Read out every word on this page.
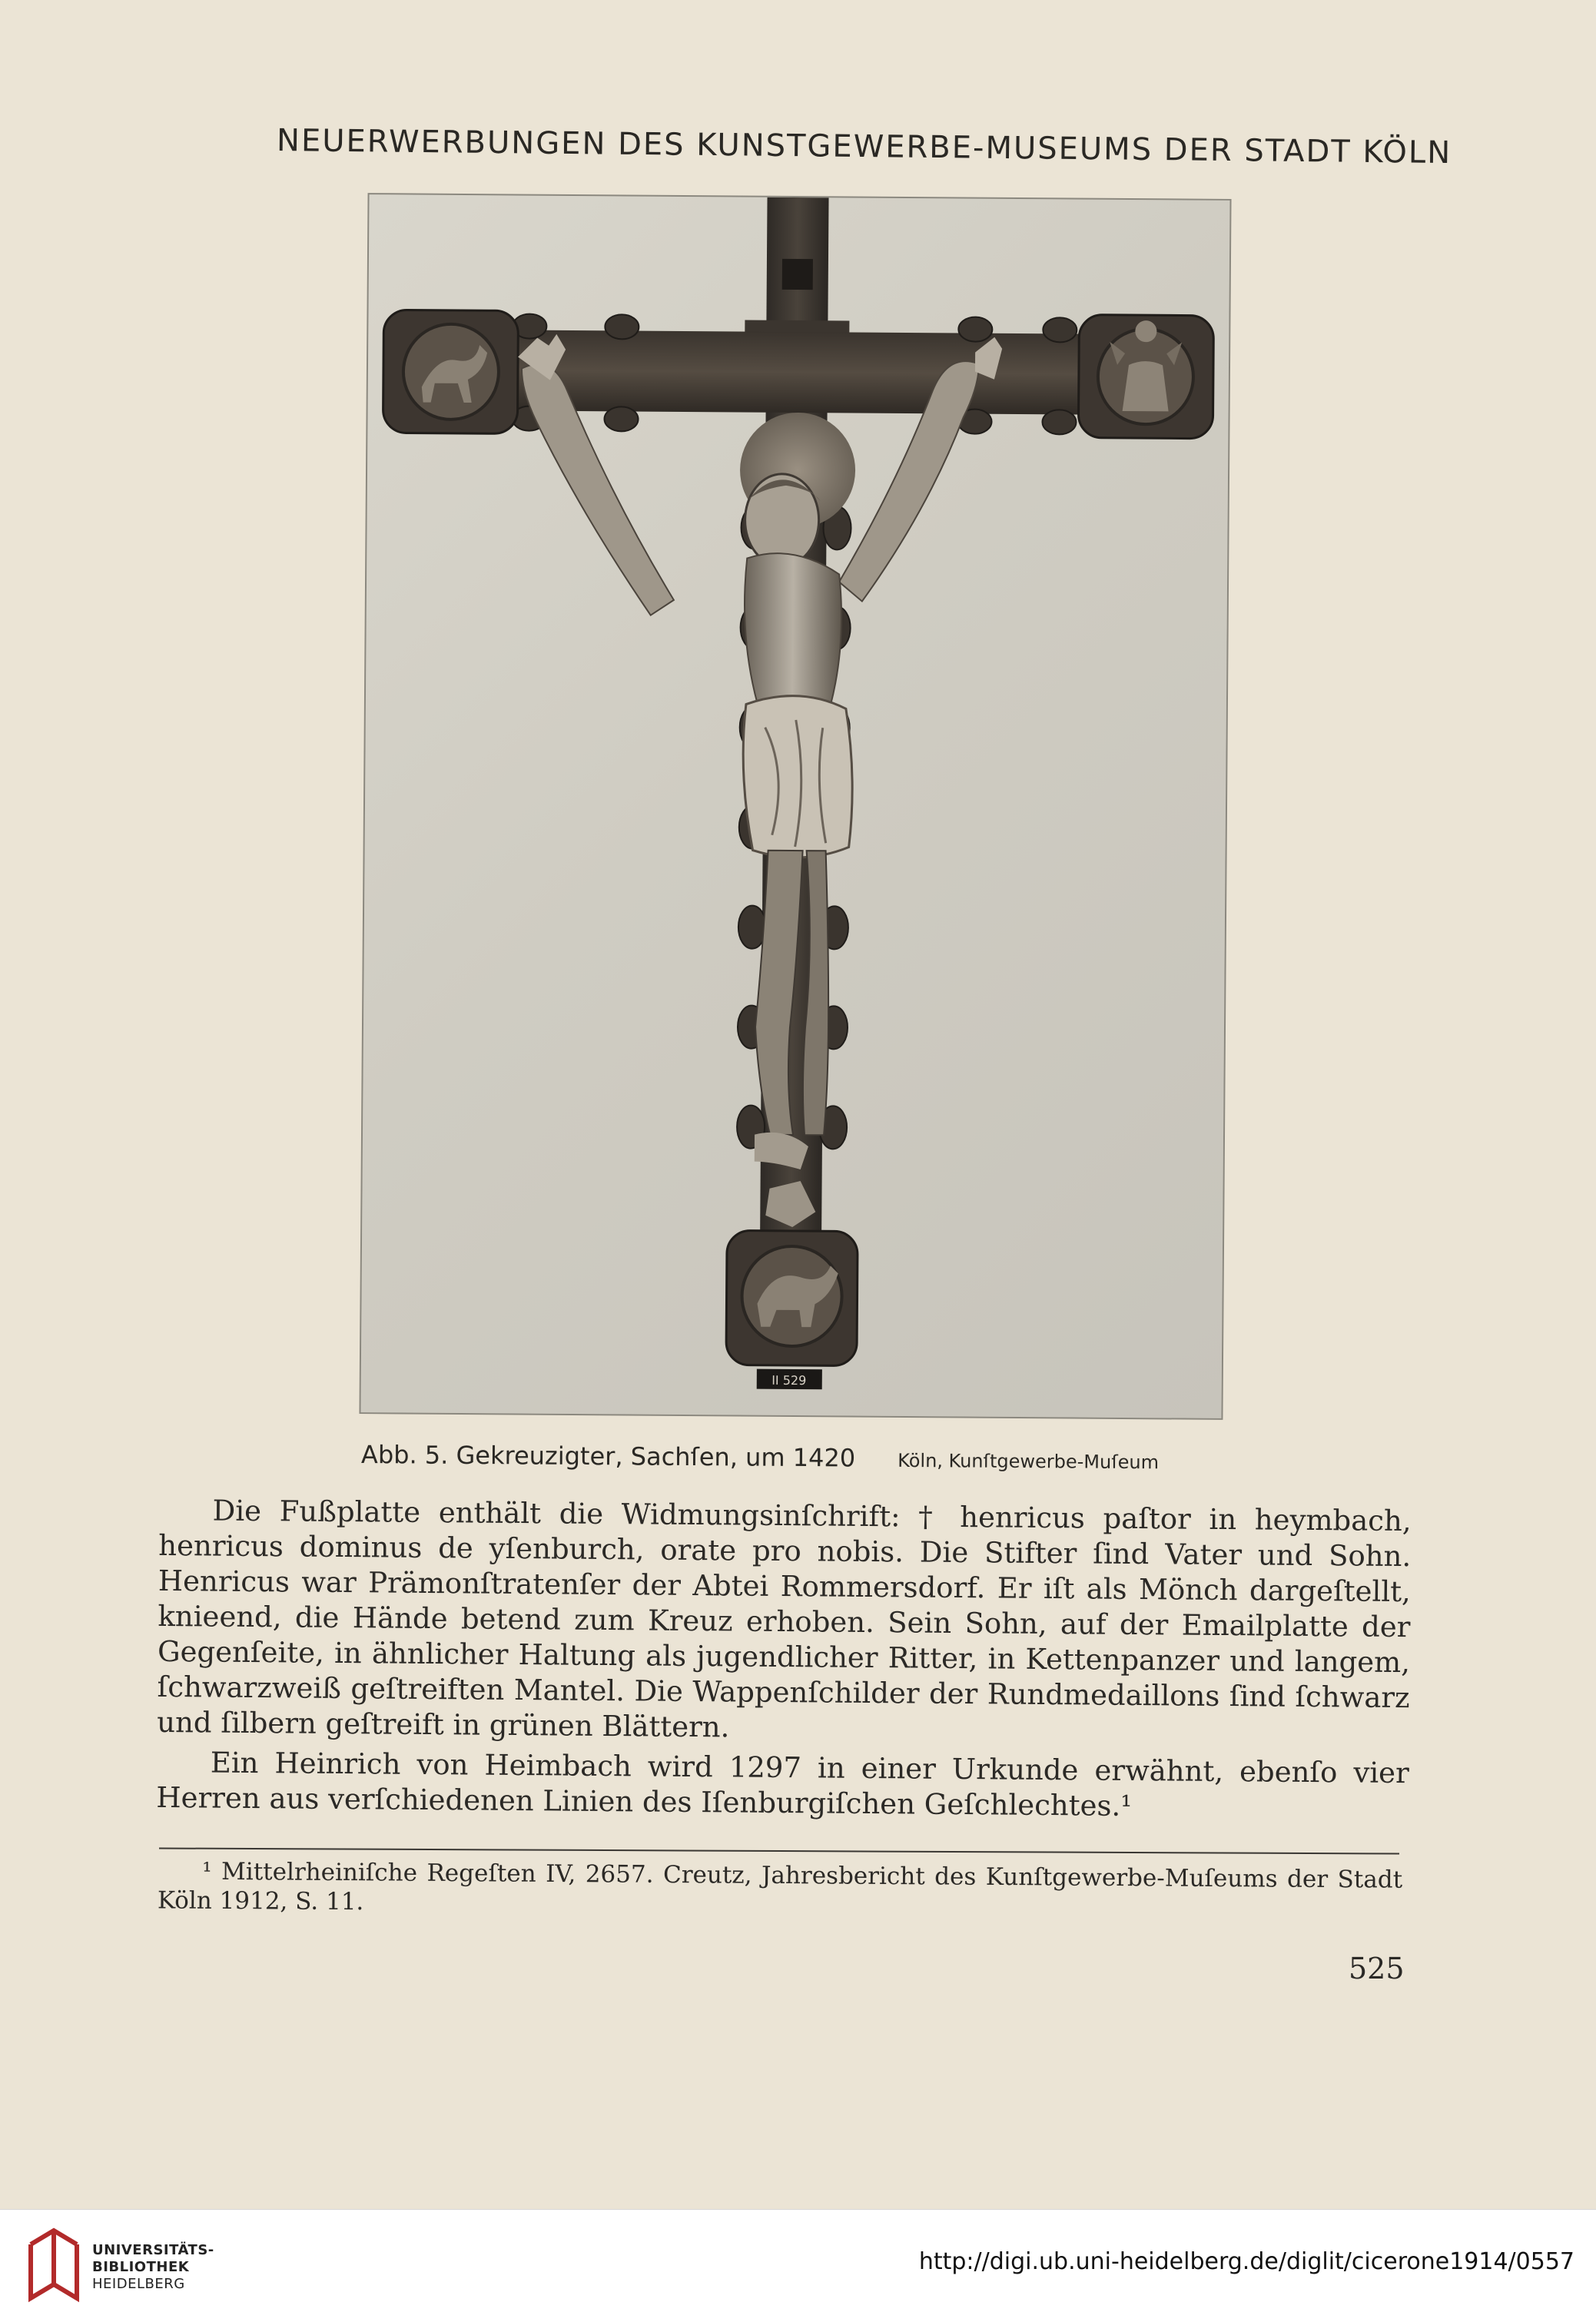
NEUERWERBUNGEN DES KUNSTGEWERBE-MUSEUMS DER STADT KÖLN
II 529
Abb. 5. Gekreuzigter, Sachſen, um 1420 Köln, Kunſtgewerbe-Muſeum

Die Fußplatte enthält die Widmungsinſchrift: † henricus paſtor in heymbach, henricus dominus de yſenburch, orate pro nobis. Die Stifter ſind Vater und Sohn. Henricus war Prämonſtratenſer der Abtei Rommersdorf. Er iſt als Mönch dargeſtellt, knieend, die Hände betend zum Kreuz erhoben. Sein Sohn, auf der Emailplatte der Gegenſeite, in ähnlicher Haltung als jugendlicher Ritter, in Kettenpanzer und langem, ſchwarzweiß geſtreiften Mantel. Die Wappenſchilder der Rundmedaillons ſind ſchwarz und ſilbern geſtreift in grünen Blättern.

Ein Heinrich von Heimbach wird 1297 in einer Urkunde erwähnt, ebenſo vier Herren aus verſchiedenen Linien des Iſenburgiſchen Geſchlechtes.¹

¹ Mittelrheiniſche Regeſten IV, 2657. Creutz, Jahresbericht des Kunſtgewerbe-Muſeums der Stadt Köln 1912, S. 11.

525
UNIVERSITÄTS-
BIBLIOTHEK
HEIDELBERG
http://digi.ub.uni-heidelberg.de/diglit/cicerone1914/0557
